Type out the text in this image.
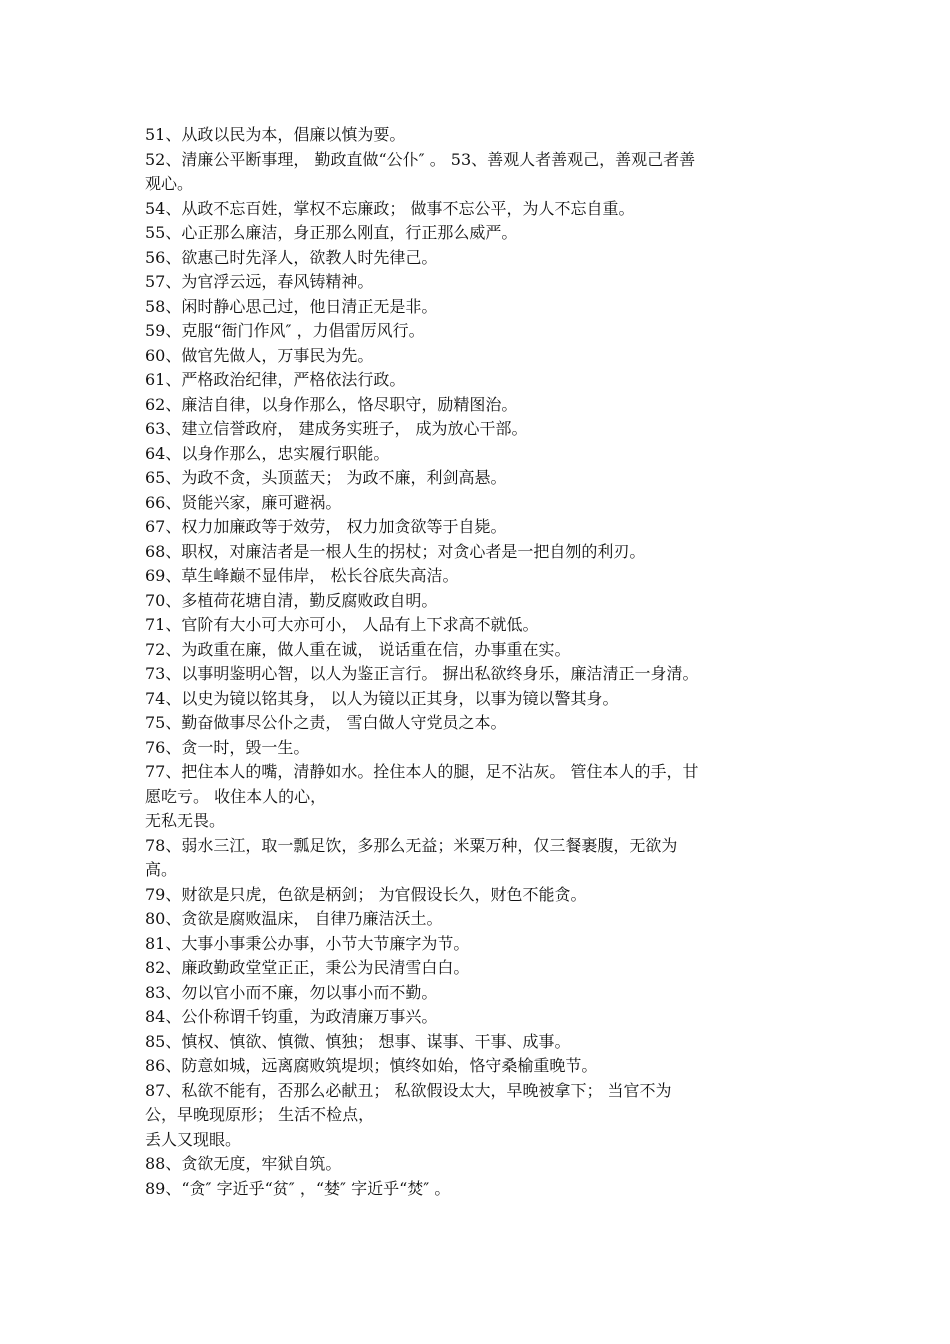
51、从政以民为本，倡廉以慎为要。
52、清廉公平断事理， 勤政直做“公仆″ 。 53、善观人者善观己，善观己者善
观心。
54、从政不忘百姓，掌权不忘廉政； 做事不忘公平，为人不忘自重。
55、心正那么廉洁，身正那么刚直，行正那么威严。
56、欲惠己时先泽人，欲教人时先律己。
57、为官浮云远，春风铸精神。
58、闲时静心思己过，他日清正无是非。
59、克服“衙门作风″ ，力倡雷厉风行。
60、做官先做人，万事民为先。
61、严格政治纪律，严格依法行政。
62、廉洁自律，以身作那么，恪尽职守，励精图治。
63、建立信誉政府， 建成务实班子， 成为放心干部。
64、以身作那么，忠实履行职能。
65、为政不贪，头顶蓝天； 为政不廉，利剑高悬。
66、贤能兴家，廉可避祸。
67、权力加廉政等于效劳， 权力加贪欲等于自毙。
68、职权，对廉洁者是一根人生的拐杖；对贪心者是一把自刎的利刃。
69、草生峰巅不显伟岸， 松长谷底失高洁。
70、多植荷花塘自清，勤反腐败政自明。
71、官阶有大小可大亦可小， 人品有上下求高不就低。
72、为政重在廉，做人重在诚， 说话重在信，办事重在实。
73、以事明鉴明心智，以人为鉴正言行。 摒出私欲终身乐，廉洁清正一身清。
74、以史为镜以铭其身， 以人为镜以正其身，以事为镜以警其身。
75、勤奋做事尽公仆之责， 雪白做人守党员之本。
76、贪一时，毁一生。
77、把住本人的嘴，清静如水。拴住本人的腿，足不沾灰。 管住本人的手，甘
愿吃亏。 收住本人的心，
无私无畏。
78、弱水三江，取一瓢足饮，多那么无益；米粟万种，仅三餐裹腹，无欲为
高。
79、财欲是只虎，色欲是柄剑； 为官假设长久，财色不能贪。
80、贪欲是腐败温床， 自律乃廉洁沃土。
81、大事小事秉公办事，小节大节廉字为节。
82、廉政勤政堂堂正正，秉公为民清雪白白。
83、勿以官小而不廉，勿以事小而不勤。
84、公仆称谓千钧重，为政清廉万事兴。
85、慎权、慎欲、慎微、慎独； 想事、谋事、干事、成事。
86、防意如城，远离腐败筑堤坝；慎终如始，恪守桑榆重晚节。
87、私欲不能有，否那么必献丑； 私欲假设太大，早晚被拿下； 当官不为
公，早晚现原形； 生活不检点，
丢人又现眼。
88、贪欲无度，牢狱自筑。
89、“贪″ 字近乎“贫″ ，“婪″ 字近乎“焚″ 。
